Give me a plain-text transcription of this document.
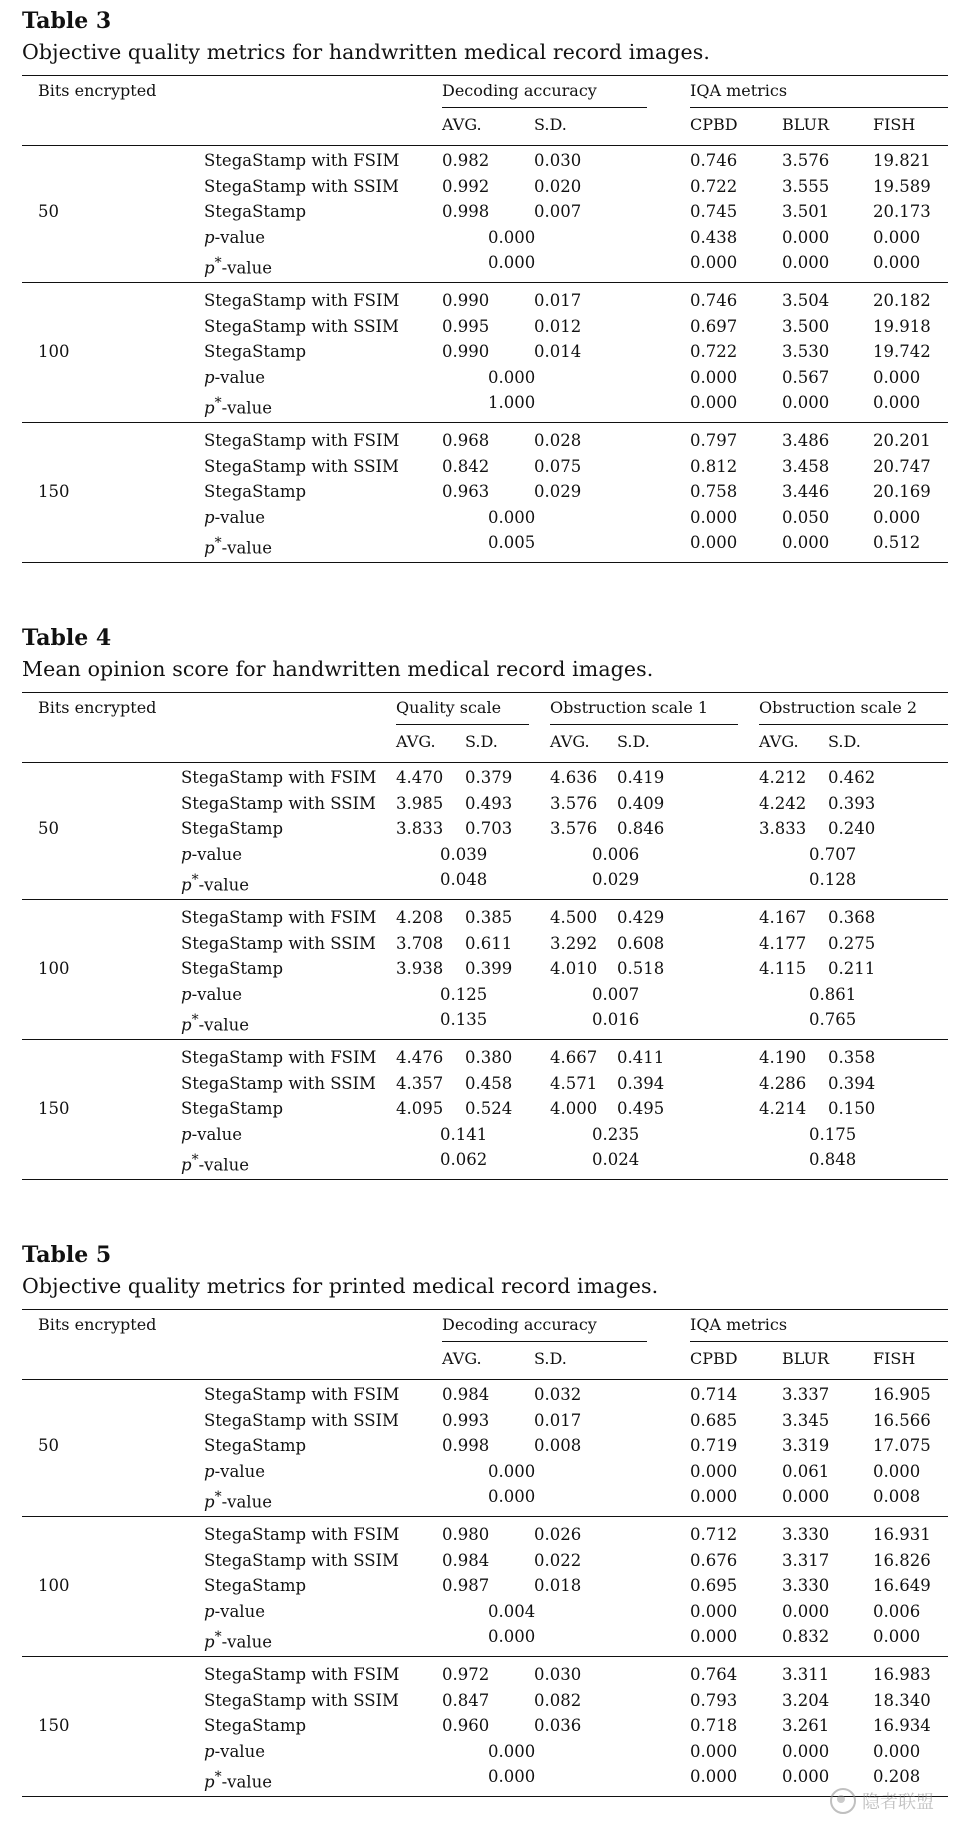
Table 3
Objective quality metrics for handwritten medical record images.
Bits encrypted	Decoding accuracy
AVG.	S.D.
IQA metrics
CPBD	BLUR	FISH
50
StegaStamp with FSIM	0.982	0.030	0.746	3.576	19.821
StegaStamp with SSIM	0.992	0.020	0.722	3.555	19.589
StegaStamp	0.998	0.007	0.745	3.501	20.173
p-value	0.000	0.438	0.000	0.000
p*-value	0.000	0.000	0.000	0.000
100
StegaStamp with FSIM	0.990	0.017	0.746	3.504	20.182
StegaStamp with SSIM	0.995	0.012	0.697	3.500	19.918
StegaStamp	0.990	0.014	0.722	3.530	19.742
p-value	0.000	0.000	0.567	0.000
p*-value	1.000	0.000	0.000	0.000
150
StegaStamp with FSIM	0.968	0.028	0.797	3.486	20.201
StegaStamp with SSIM	0.842	0.075	0.812	3.458	20.747
StegaStamp	0.963	0.029	0.758	3.446	20.169
p-value	0.000	0.000	0.050	0.000
p*-value	0.005	0.000	0.000	0.512
Table 4
Mean opinion score for handwritten medical record images.
Bits encrypted	Quality scale
AVG. S.D.
Obstruction scale 1
AVG. S.D.
Obstruction scale 2
AVG. S.D.
50
StegaStamp with FSIM 4.470 0.379 4.636 0.419	4.212 0.462
StegaStamp with SSIM 3.985 0.493 3.576 0.409	4.242 0.393
StegaStamp	3.833 0.703 3.576 0.846	3.833 0.240
p-value	0.039	0.006	0.707
p*-value	0.048	0.029	0.128
100
StegaStamp with FSIM 4.208 0.385 4.500 0.429	4.167 0.368
StegaStamp with SSIM 3.708 0.611 3.292 0.608	4.177 0.275
StegaStamp	3.938 0.399 4.010 0.518	4.115 0.211
p-value	0.125	0.007	0.861
p*-value	0.135	0.016	0.765
150
StegaStamp with FSIM 4.476 0.380 4.667 0.411	4.190 0.358
StegaStamp with SSIM 4.357 0.458 4.571 0.394	4.286 0.394
StegaStamp	4.095 0.524 4.000 0.495	4.214 0.150
p-value	0.141	0.235	0.175
p*-value	0.062	0.024	0.848
Table 5
Objective quality metrics for printed medical record images.
Bits encrypted	Decoding accuracy
AVG.	S.D.
IQA metrics
CPBD	BLUR	FISH
50
StegaStamp with FSIM	0.984	0.032	0.714	3.337	16.905
StegaStamp with SSIM	0.993	0.017	0.685	3.345	16.566
StegaStamp	0.998	0.008	0.719	3.319	17.075
p-value	0.000	0.000	0.061	0.000
p*-value	0.000	0.000	0.000	0.008
100
StegaStamp with FSIM	0.980	0.026	0.712	3.330	16.931
StegaStamp with SSIM	0.984	0.022	0.676	3.317	16.826
StegaStamp	0.987	0.018	0.695	3.330	16.649
p-value	0.004	0.000	0.000	0.006
p*-value	0.000	0.000	0.832	0.000
150
StegaStamp with FSIM	0.972	0.030	0.764	3.311	16.983
StegaStamp with SSIM	0.847	0.082	0.793	3.204	18.340
StegaStamp	0.960	0.036	0.718	3.261	16.934
p-value	0.000	0.000	0.000	0.000
p*-value	0.000	0.000	0.000	0.208
隐者联盟
